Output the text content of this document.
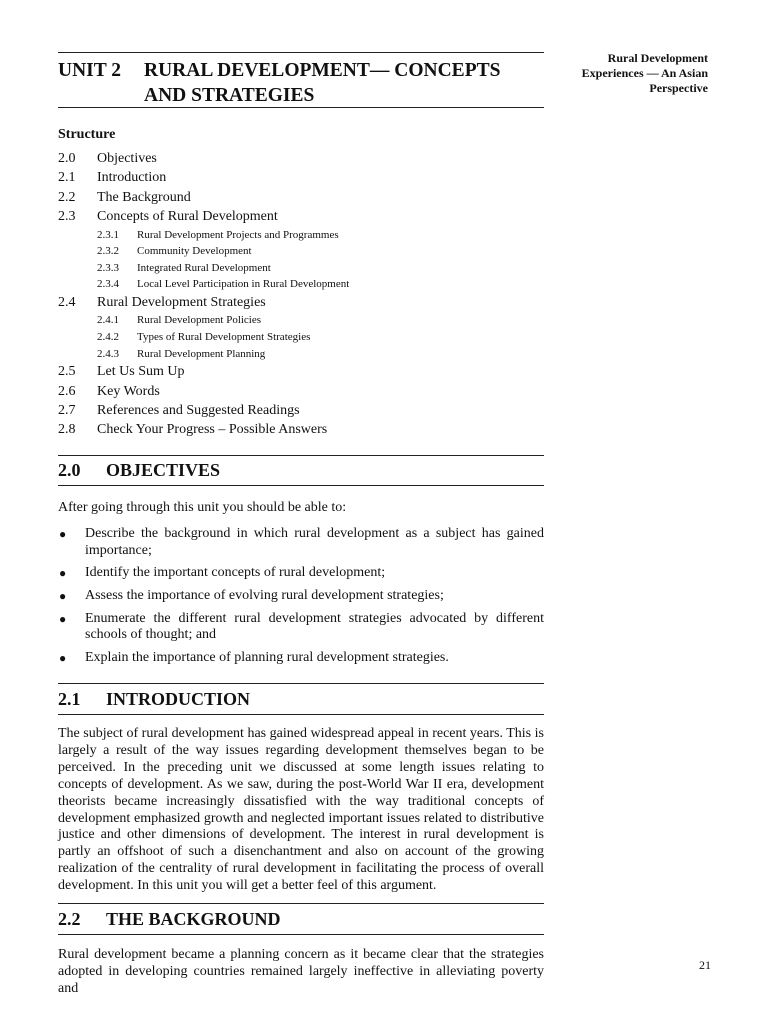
UNIT 2 RURAL DEVELOPMENT— CONCEPTS AND STRATEGIES
Rural Development
Experiences — An Asian
Perspective
Structure
2.0 Objectives
2.1 Introduction
2.2 The Background
2.3 Concepts of Rural Development
2.3.1 Rural Development Projects and Programmes
2.3.2 Community Development
2.3.3 Integrated Rural Development
2.3.4 Local Level Participation in Rural Development
2.4 Rural Development Strategies
2.4.1 Rural Development Policies
2.4.2 Types of Rural Development Strategies
2.4.3 Rural Development Planning
2.5 Let Us Sum Up
2.6 Key Words
2.7 References and Suggested Readings
2.8 Check Your Progress – Possible Answers
2.0 OBJECTIVES
After going through this unit you should be able to:
● Describe the background in which rural development as a subject has gained importance;
● Identify the important concepts of rural development;
● Assess the importance of evolving rural development strategies;
● Enumerate the different rural development strategies advocated by different schools of thought; and
● Explain the importance of planning rural development strategies.
2.1 INTRODUCTION
The subject of rural development has gained widespread appeal in recent years. This is largely a result of the way issues regarding development themselves began to be perceived. In the preceding unit we discussed at some length issues relating to concepts of development. As we saw, during the post-World War II era, development theorists became increasingly dissatisfied with the way traditional concepts of development emphasized growth and neglected important issues related to distributive justice and other dimensions of development. The interest in rural development is partly an offshoot of such a disenchantment and also on account of the growing realization of the centrality of rural development in facilitating the process of overall development. In this unit you will get a better feel of this argument.
2.2 THE BACKGROUND
Rural development became a planning concern as it became clear that the strategies adopted in developing countries remained largely ineffective in alleviating poverty and
21
